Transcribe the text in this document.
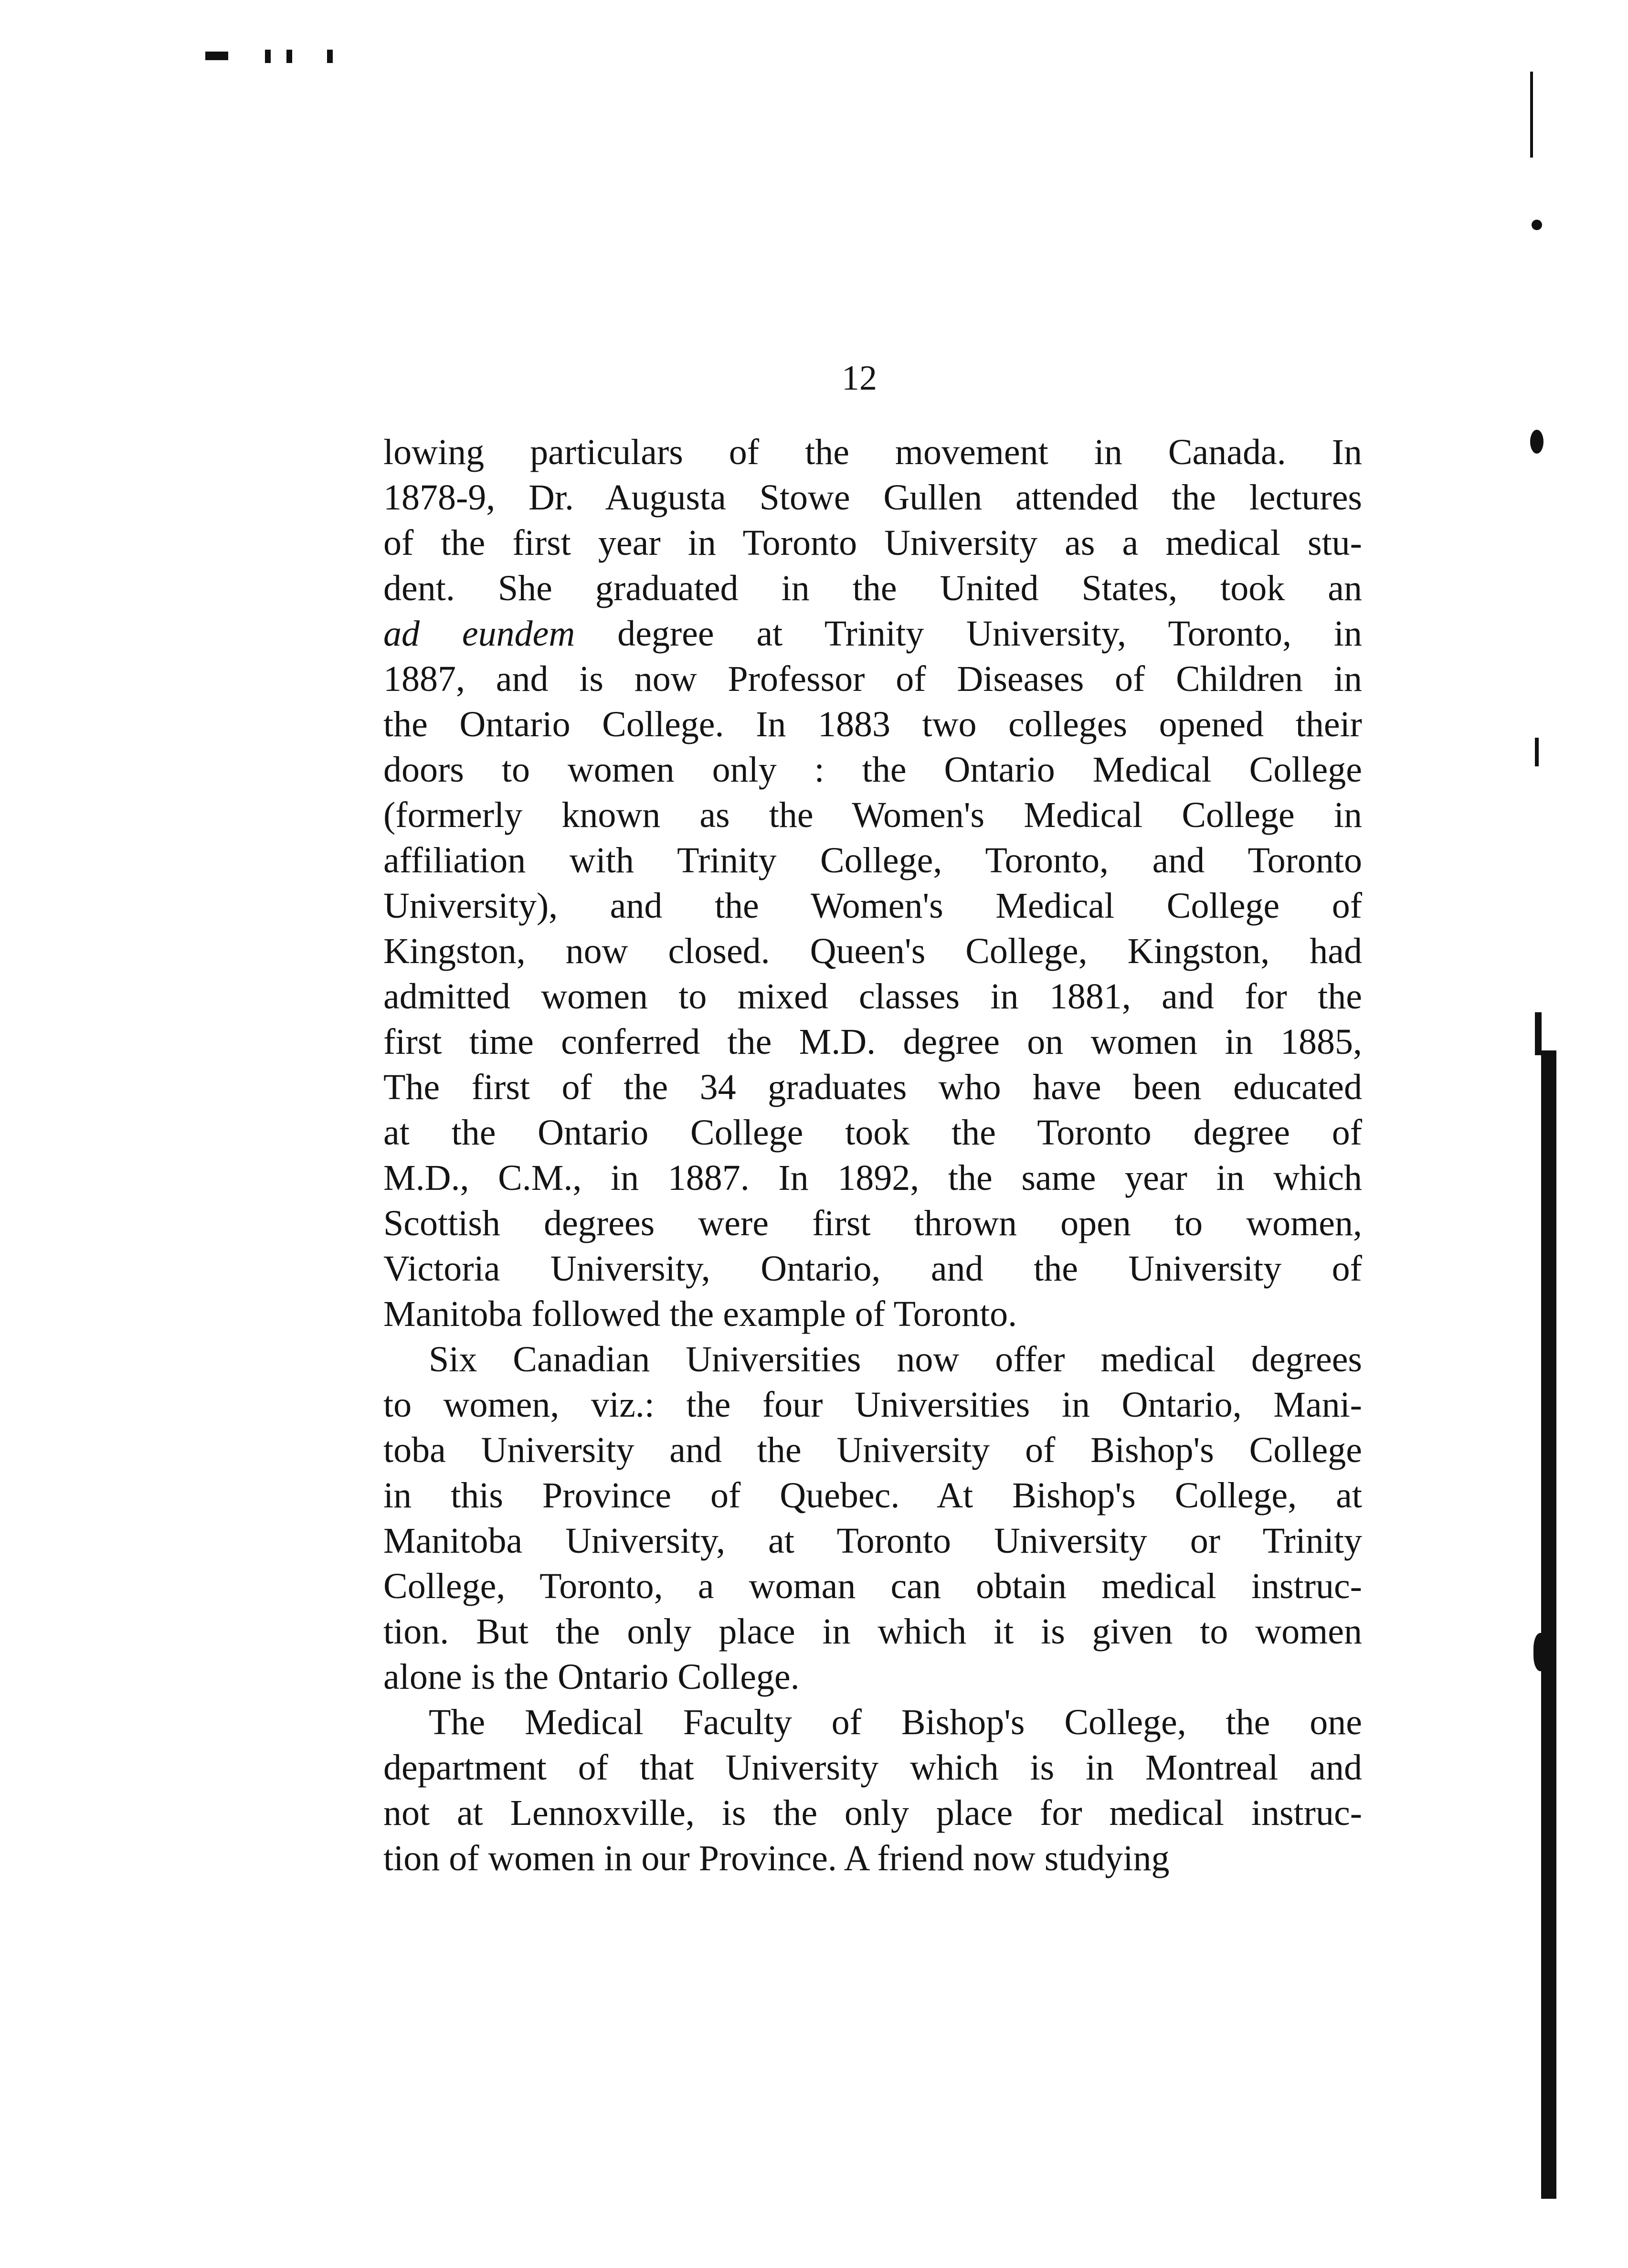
12
lowing particulars of the movement in Canada. In
1878-9, Dr. Augusta Stowe Gullen attended the lectures
of the first year in Toronto University as a medical stu-
dent. She graduated in the United States, took an
ad eundem degree at Trinity University, Toronto, in
1887, and is now Professor of Diseases of Children in
the Ontario College. In 1883 two colleges opened their
doors to women only : the Ontario Medical College
(formerly known as the Women's Medical College in
affiliation with Trinity College, Toronto, and Toronto
University), and the Women's Medical College of
Kingston, now closed. Queen's College, Kingston, had
admitted women to mixed classes in 1881, and for the
first time conferred the M.D. degree on women in 1885,
The first of the 34 graduates who have been educated
at the Ontario College took the Toronto degree of
M.D., C.M., in 1887. In 1892, the same year in which
Scottish degrees were first thrown open to women,
Victoria University, Ontario, and the University of
Manitoba followed the example of Toronto.
Six Canadian Universities now offer medical degrees
to women, viz.: the four Universities in Ontario, Mani-
toba University and the University of Bishop's College
in this Province of Quebec. At Bishop's College, at
Manitoba University, at Toronto University or Trinity
College, Toronto, a woman can obtain medical instruc-
tion. But the only place in which it is given to women
alone is the Ontario College.
The Medical Faculty of Bishop's College, the one
department of that University which is in Montreal and
not at Lennoxville, is the only place for medical instruc-
tion of women in our Province. A friend now studying
